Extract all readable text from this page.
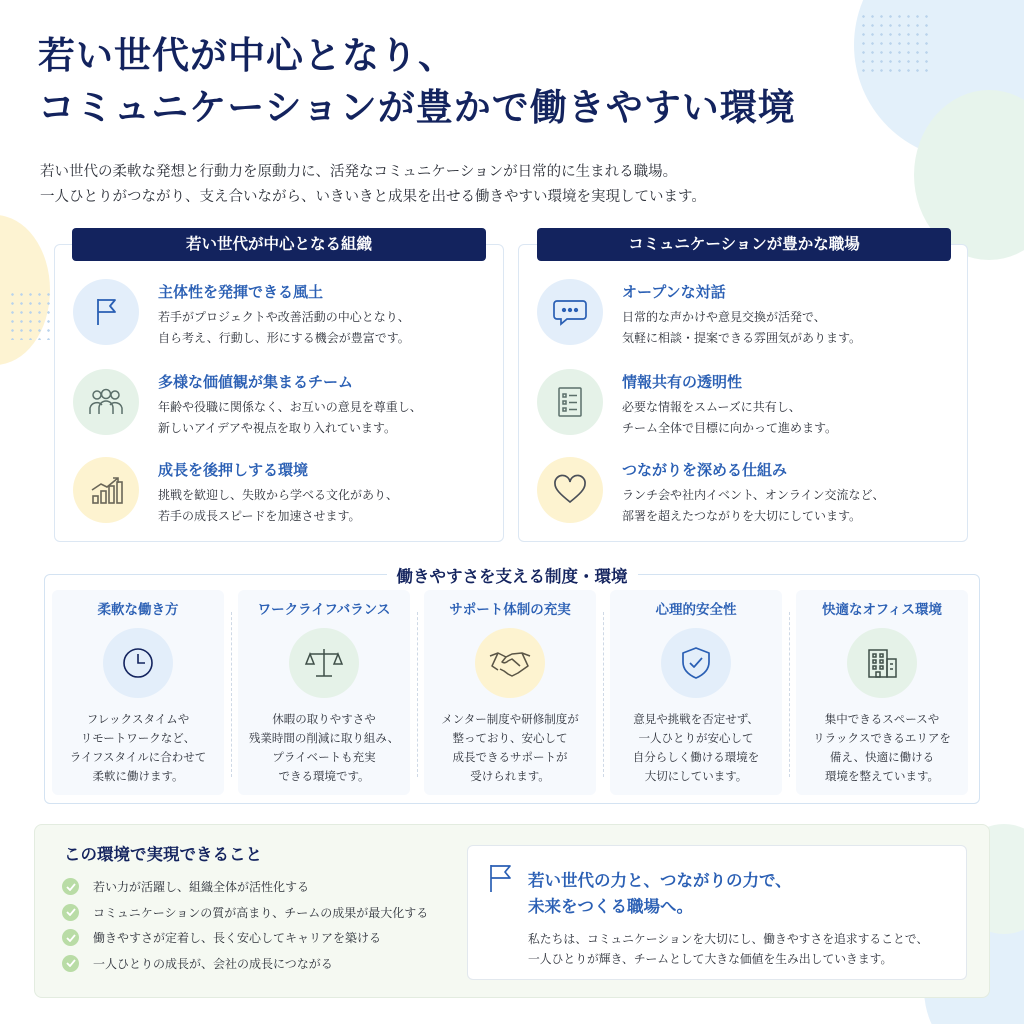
若い世代が中心となり、
コミュニケーションが豊かで働きやすい環境
若い世代の柔軟な発想と行動力を原動力に、活発なコミュニケーションが日常的に生まれる職場。
一人ひとりがつながり、支え合いながら、いきいきと成果を出せる働きやすい環境を実現しています。
主体性を発揮できる風土
若手がプロジェクトや改善活動の中心となり、
自ら考え、行動し、形にする機会が豊富です。
多様な価値観が集まるチーム
年齢や役職に関係なく、お互いの意見を尊重し、
新しいアイデアや視点を取り入れています。
成長を後押しする環境
挑戦を歓迎し、失敗から学べる文化があり、
若手の成長スピードを加速させます。
若い世代が中心となる組織
オープンな対話
日常的な声かけや意見交換が活発で、
気軽に相談・提案できる雰囲気があります。
情報共有の透明性
必要な情報をスムーズに共有し、
チーム全体で目標に向かって進めます。
つながりを深める仕組み
ランチ会や社内イベント、オンライン交流など、
部署を超えたつながりを大切にしています。
コミュニケーションが豊かな職場
働きやすさを支える制度・環境
柔軟な働き方
フレックスタイムや
リモートワークなど、
ライフスタイルに合わせて
柔軟に働けます。
ワークライフバランス
休暇の取りやすさや
残業時間の削減に取り組み、
プライベートも充実
できる環境です。
サポート体制の充実
メンター制度や研修制度が
整っており、安心して
成長できるサポートが
受けられます。
心理的安全性
意見や挑戦を否定せず、
一人ひとりが安心して
自分らしく働ける環境を
大切にしています。
快適なオフィス環境
集中できるスペースや
リラックスできるエリアを
備え、快適に働ける
環境を整えています。
この環境で実現できること
若い力が活躍し、組織全体が活性化する
コミュニケーションの質が高まり、チームの成果が最大化する
働きやすさが定着し、長く安心してキャリアを築ける
一人ひとりの成長が、会社の成長につながる
若い世代の力と、つながりの力で、
未来をつくる職場へ。
私たちは、コミュニケーションを大切にし、働きやすさを追求することで、
一人ひとりが輝き、チームとして大きな価値を生み出していきます。
